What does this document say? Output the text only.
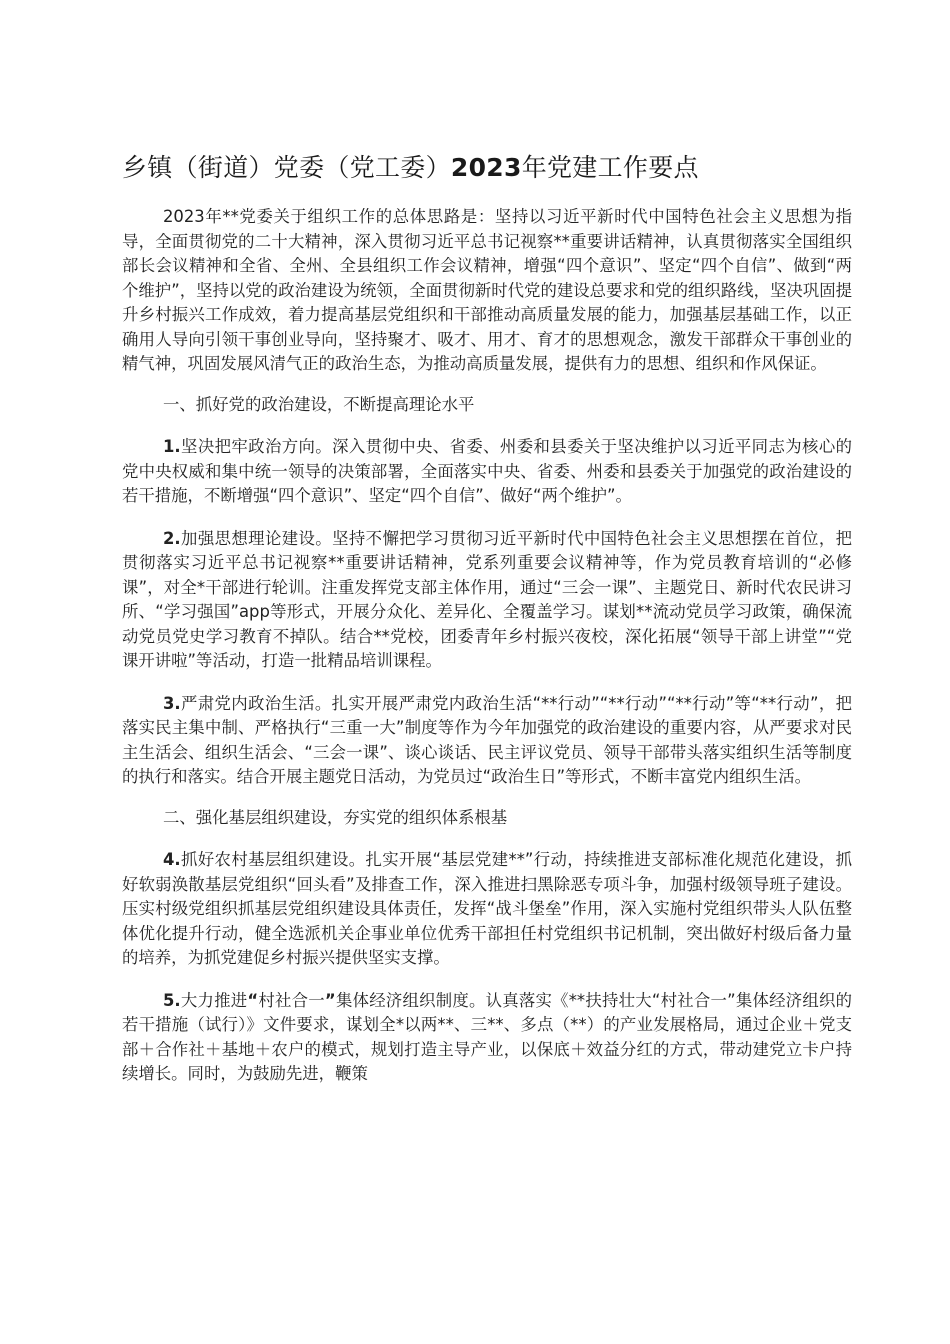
乡镇（街道）党委（党工委）2023年党建工作要点

2023年**党委关于组织工作的总体思路是：坚持以习近平新时代中国特色社会主义思想为指导，全面贯彻党的二十大精神，深入贯彻习近平总书记视察**重要讲话精神，认真贯彻落实全国组织部长会议精神和全省、全州、全县组织工作会议精神，增强“四个意识”、坚定“四个自信”、做到“两个维护”，坚持以党的政治建设为统领，全面贯彻新时代党的建设总要求和党的组织路线，坚决巩固提升乡村振兴工作成效，着力提高基层党组织和干部推动高质量发展的能力，加强基层基础工作，以正确用人导向引领干事创业导向，坚持聚才、吸才、用才、育才的思想观念，激发干部群众干事创业的精气神，巩固发展风清气正的政治生态，为推动高质量发展，提供有力的思想、组织和作风保证。

一、抓好党的政治建设，不断提高理论水平

1.坚决把牢政治方向。深入贯彻中央、省委、州委和县委关于坚决维护以习近平同志为核心的党中央权威和集中统一领导的决策部署，全面落实中央、省委、州委和县委关于加强党的政治建设的若干措施，不断增强“四个意识”、坚定“四个自信”、做好“两个维护”。

2.加强思想理论建设。坚持不懈把学习贯彻习近平新时代中国特色社会主义思想摆在首位，把贯彻落实习近平总书记视察**重要讲话精神，党系列重要会议精神等，作为党员教育培训的“必修课”，对全*干部进行轮训。注重发挥党支部主体作用，通过“三会一课”、主题党日、新时代农民讲习所、“学习强国”app等形式，开展分众化、差异化、全覆盖学习。谋划**流动党员学习政策，确保流动党员党史学习教育不掉队。结合**党校，团委青年乡村振兴夜校，深化拓展“领导干部上讲堂”“党课开讲啦”等活动，打造一批精品培训课程。

3.严肃党内政治生活。扎实开展严肃党内政治生活“**行动”“**行动”“**行动”等“**行动”，把落实民主集中制、严格执行“三重一大”制度等作为今年加强党的政治建设的重要内容，从严要求对民主生活会、组织生活会、“三会一课”、谈心谈话、民主评议党员、领导干部带头落实组织生活等制度的执行和落实。结合开展主题党日活动，为党员过“政治生日”等形式，不断丰富党内组织生活。

二、强化基层组织建设，夯实党的组织体系根基

4.抓好农村基层组织建设。扎实开展“基层党建**”行动，持续推进支部标准化规范化建设，抓好软弱涣散基层党组织“回头看”及排查工作，深入推进扫黑除恶专项斗争，加强村级领导班子建设。压实村级党组织抓基层党组织建设具体责任，发挥“战斗堡垒”作用，深入实施村党组织带头人队伍整体优化提升行动，健全选派机关企事业单位优秀干部担任村党组织书记机制，突出做好村级后备力量的培养，为抓党建促乡村振兴提供坚实支撑。

5.大力推进“村社合一”集体经济组织制度。认真落实《**扶持壮大“村社合一”集体经济组织的若干措施（试行）》文件要求，谋划全*以两**、三**、多点（**）的产业发展格局，通过企业＋党支部＋合作社＋基地＋农户的模式，规划打造主导产业，以保底＋效益分红的方式，带动建党立卡户持续增长。同时，为鼓励先进，鞭策
